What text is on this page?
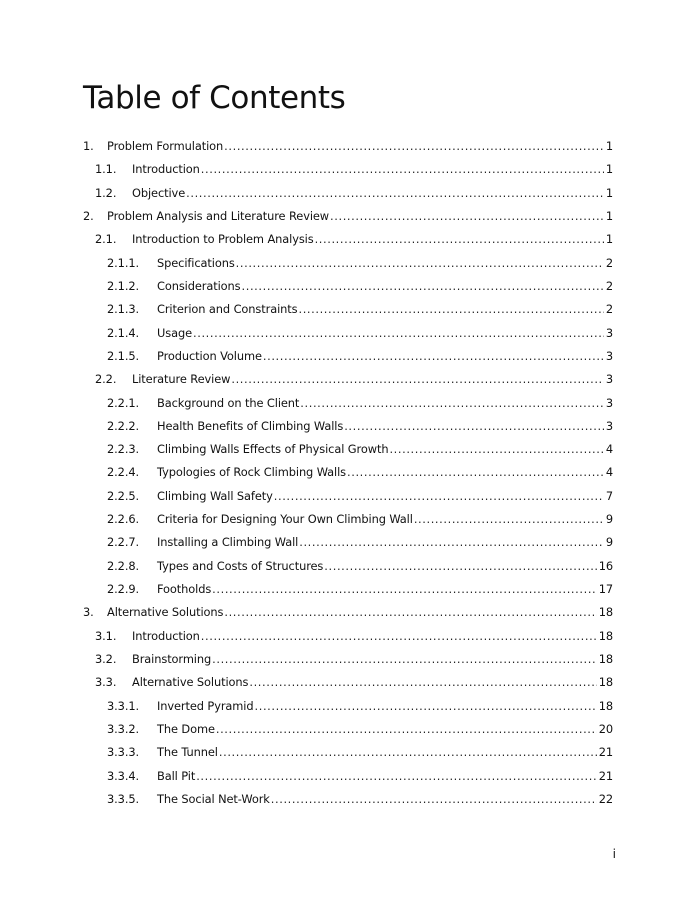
Table of Contents
1.	Problem Formulation .....	1
1.1.	Introduction .....	1
1.2.	Objective .....	1
2.	Problem Analysis and Literature Review .....	1
2.1.	Introduction to Problem Analysis .....	1
2.1.1.	Specifications .....	2
2.1.2.	Considerations .....	2
2.1.3.	Criterion and Constraints .....	2
2.1.4.	Usage .....	3
2.1.5.	Production Volume .....	3
2.2.	Literature Review .....	3
2.2.1.	Background on the Client .....	3
2.2.2.	Health Benefits of Climbing Walls .....	3
2.2.3.	Climbing Walls Effects of Physical Growth .....	4
2.2.4.	Typologies of Rock Climbing Walls .....	4
2.2.5.	Climbing Wall Safety .....	7
2.2.6.	Criteria for Designing Your Own Climbing Wall .....	9
2.2.7.	Installing a Climbing Wall .....	9
2.2.8.	Types and Costs of Structures .....	16
2.2.9.	Footholds .....	17
3.	Alternative Solutions .....	18
3.1.	Introduction .....	18
3.2.	Brainstorming .....	18
3.3.	Alternative Solutions .....	18
3.3.1.	Inverted Pyramid .....	18
3.3.2.	The Dome .....	20
3.3.3.	The Tunnel .....	21
3.3.4.	Ball Pit .....	21
3.3.5.	The Social Net-Work .....	22
i
